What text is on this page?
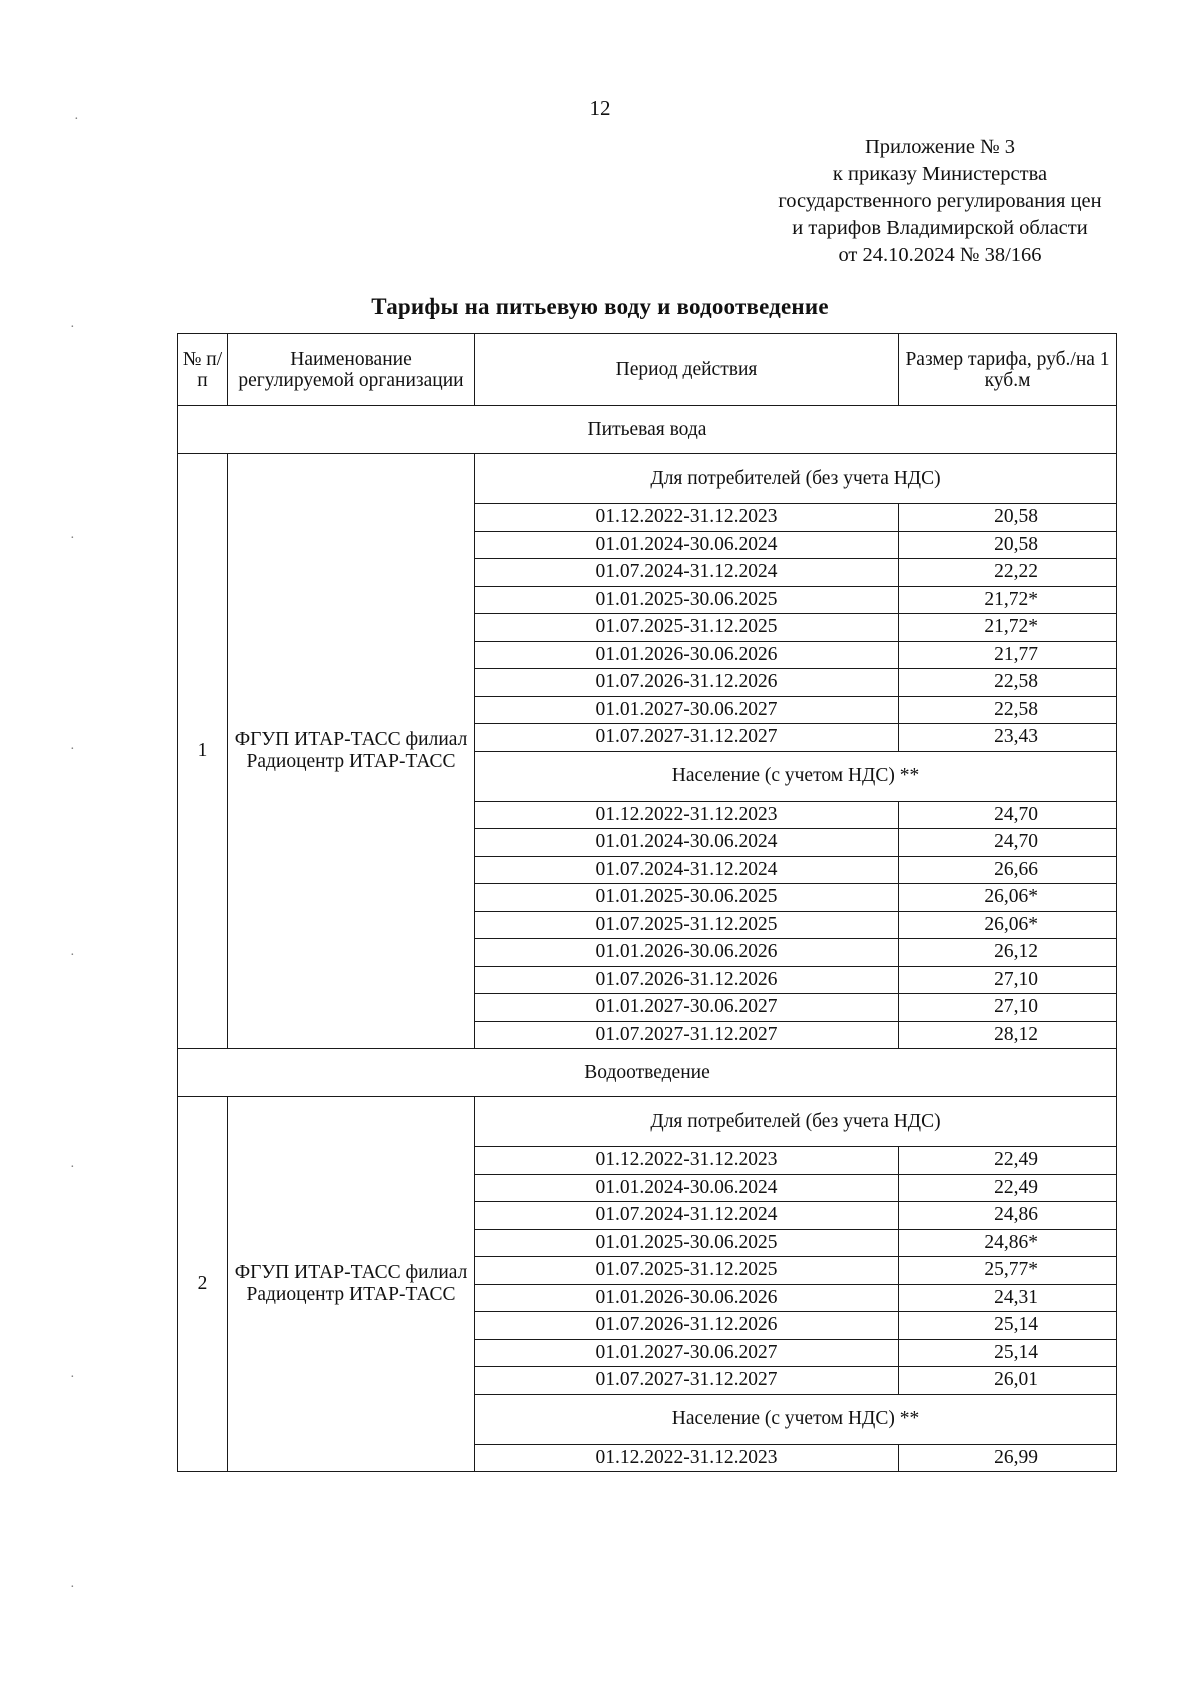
12
Приложение № 3
к приказу Министерства
государственного регулирования цен
и тарифов Владимирской области
от 24.10.2024 № 38/166
Тарифы на питьевую воду и водоотведение
№ п/п	Наименование регулируемой организации	Период действия	Размер тарифа, руб./на 1 куб.м
Питьевая вода			
1	ФГУП ИТАР-ТАСС филиал Радиоцентр ИТАР-ТАСС	Для потребителей (без учета НДС)	
		01.12.2022-31.12.2023	20,58
		01.01.2024-30.06.2024	20,58
		01.07.2024-31.12.2024	22,22
		01.01.2025-30.06.2025	21,72*
		01.07.2025-31.12.2025	21,72*
		01.01.2026-30.06.2026	21,77
		01.07.2026-31.12.2026	22,58
		01.01.2027-30.06.2027	22,58
		01.07.2027-31.12.2027	23,43
		Население (с учетом НДС) **	
		01.12.2022-31.12.2023	24,70
		01.01.2024-30.06.2024	24,70
		01.07.2024-31.12.2024	26,66
		01.01.2025-30.06.2025	26,06*
		01.07.2025-31.12.2025	26,06*
		01.01.2026-30.06.2026	26,12
		01.07.2026-31.12.2026	27,10
		01.01.2027-30.06.2027	27,10
		01.07.2027-31.12.2027	28,12
Водоотведение			
2	ФГУП ИТАР-ТАСС филиал Радиоцентр ИТАР-ТАСС	Для потребителей (без учета НДС)	
		01.12.2022-31.12.2023	22,49
		01.01.2024-30.06.2024	22,49
		01.07.2024-31.12.2024	24,86
		01.01.2025-30.06.2025	24,86*
		01.07.2025-31.12.2025	25,77*
		01.01.2026-30.06.2026	24,31
		01.07.2026-31.12.2026	25,14
		01.01.2027-30.06.2027	25,14
		01.07.2027-31.12.2027	26,01
		Население (с учетом НДС) **	
		01.12.2022-31.12.2023	26,99
·
·
·
·
·
·
·
·
